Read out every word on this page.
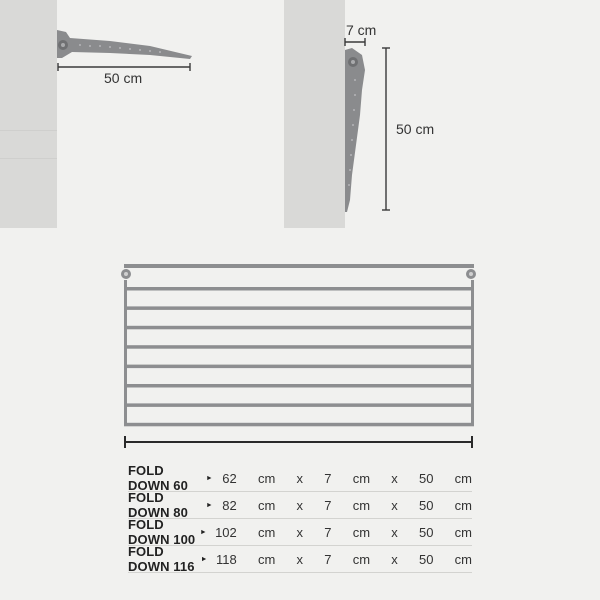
50 cm
7 cm
50 cm
FOLD DOWN 60	► 62  cm  x  7  cm  x  50  cm
FOLD DOWN 80	► 82  cm  x  7  cm  x  50  cm
FOLD DOWN 100 ► 102  cm  x  7  cm  x  50  cm
FOLD DOWN 116 ► 118  cm  x  7  cm  x  50  cm
